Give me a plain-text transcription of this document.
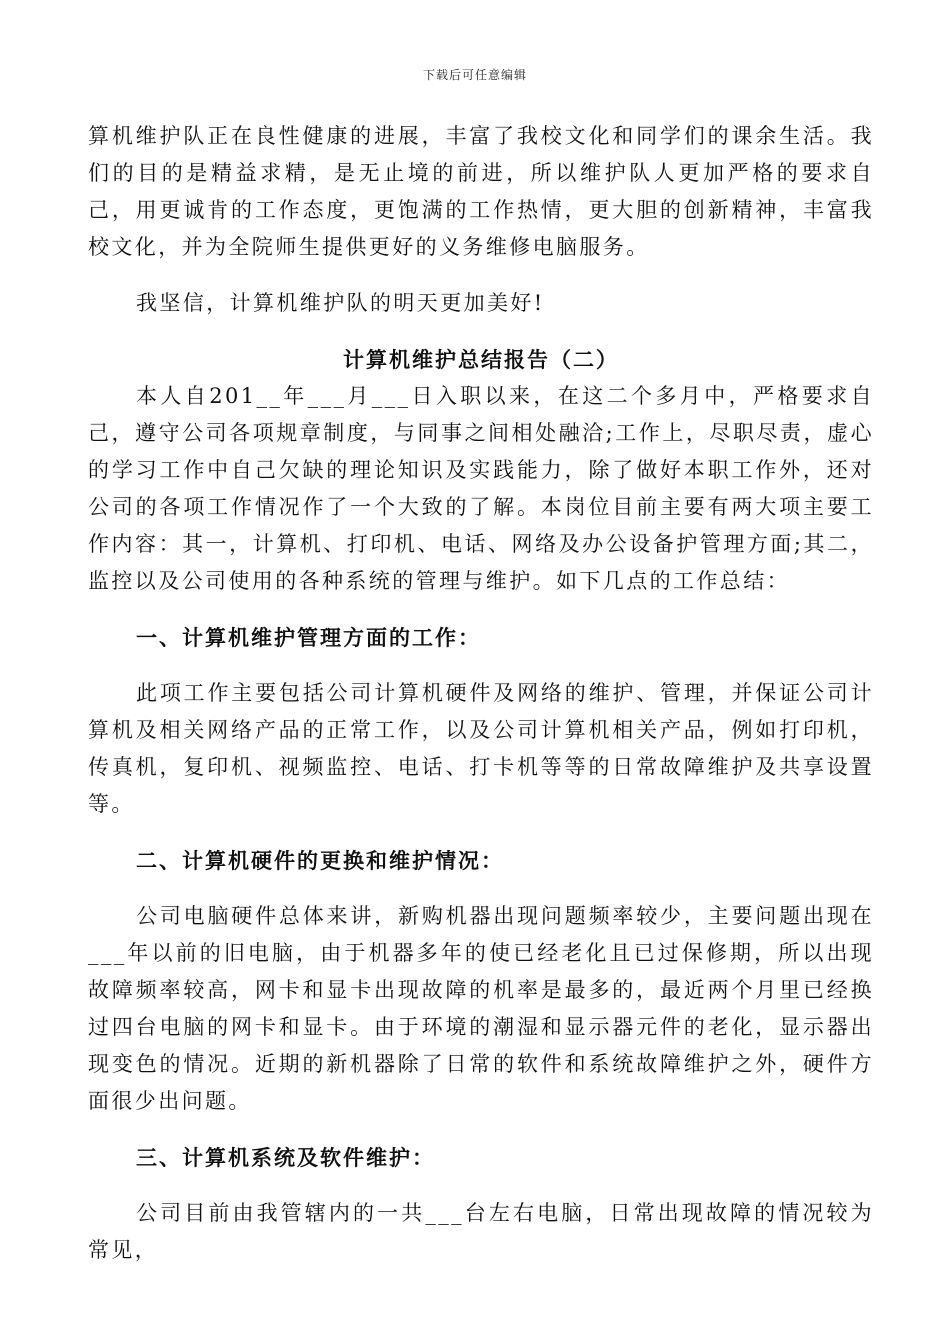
下载后可任意编辑

算机维护队正在良性健康的进展，丰富了我校文化和同学们的课余生活。我们的目的是精益求精，是无止境的前进，所以维护队人更加严格的要求自己，用更诚肯的工作态度，更饱满的工作热情，更大胆的创新精神，丰富我校文化，并为全院师生提供更好的义务维修电脑服务。

我坚信，计算机维护队的明天更加美好!

计算机维护总结报告（二）

本人自201__年___月___日入职以来，在这二个多月中，严格要求自己，遵守公司各项规章制度，与同事之间相处融洽;工作上，尽职尽责，虚心的学习工作中自己欠缺的理论知识及实践能力，除了做好本职工作外，还对公司的各项工作情况作了一个大致的了解。本岗位目前主要有两大项主要工作内容：其一，计算机、打印机、电话、网络及办公设备护管理方面;其二，监控以及公司使用的各种系统的管理与维护。如下几点的工作总结：

一、计算机维护管理方面的工作：

此项工作主要包括公司计算机硬件及网络的维护、管理，并保证公司计算机及相关网络产品的正常工作，以及公司计算机相关产品，例如打印机，传真机，复印机、视频监控、电话、打卡机等等的日常故障维护及共享设置等。

二、计算机硬件的更换和维护情况：

公司电脑硬件总体来讲，新购机器出现问题频率较少，主要问题出现在___年以前的旧电脑，由于机器多年的使已经老化且已过保修期，所以出现故障频率较高，网卡和显卡出现故障的机率是最多的，最近两个月里已经换过四台电脑的网卡和显卡。由于环境的潮湿和显示器元件的老化，显示器出现变色的情况。近期的新机器除了日常的软件和系统故障维护之外，硬件方面很少出问题。

三、计算机系统及软件维护：

公司目前由我管辖内的一共___台左右电脑，日常出现故障的情况较为常见，
